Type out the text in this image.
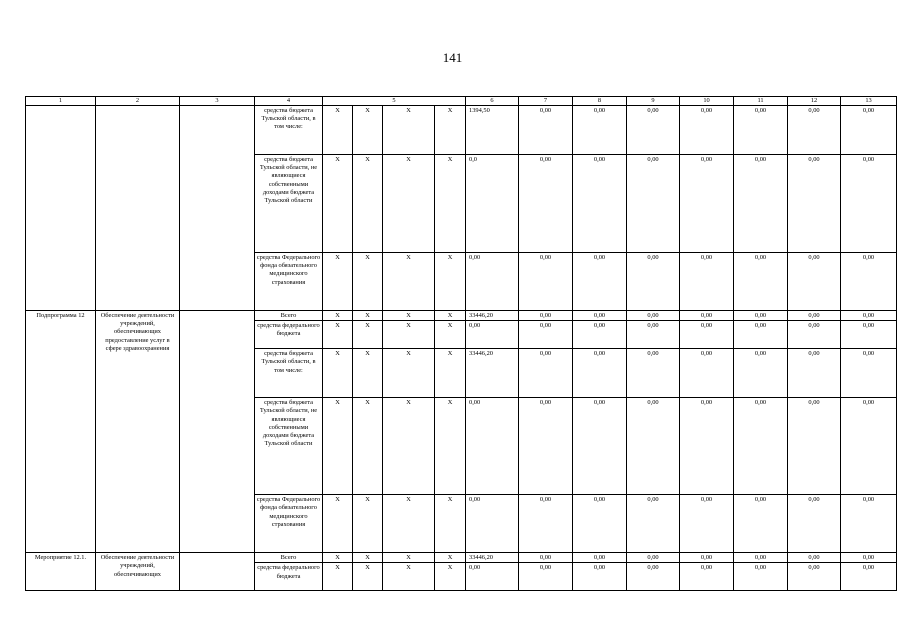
141
1	2	3	4	5				6	7	8	9	10	11	12	13
			средства бюджета Тульской области, в том числе:	X	X	X	X	1394,50	0,00	0,00	0,00	0,00	0,00	0,00	0,00
			средства бюджета Тульской области, не являющиеся собственными доходами бюджета Тульской области	X	X	X	X	0,0	0,00	0,00	0,00	0,00	0,00	0,00	0,00
			средства Федерального фонда обязательного медицинского страхования	X	X	X	X	0,00	0,00	0,00	0,00	0,00	0,00	0,00	0,00
Подпрограмма 12	Обеспечение деятельности учреждений, обеспечивающих предоставление услуг в сфере здравоохранения		Всего	X	X	X	X	33446,20	0,00	0,00	0,00	0,00	0,00	0,00	0,00
			средства федерального бюджета	X	X	X	X	0,00	0,00	0,00	0,00	0,00	0,00	0,00	0,00
			средства бюджета Тульской области, в том числе:	X	X	X	X	33446,20	0,00	0,00	0,00	0,00	0,00	0,00	0,00
			средства бюджета Тульской области, не являющиеся собственными доходами бюджета Тульской области	X	X	X	X	0,00	0,00	0,00	0,00	0,00	0,00	0,00	0,00
			средства Федерального фонда обязательного медицинского страхования	X	X	X	X	0,00	0,00	0,00	0,00	0,00	0,00	0,00	0,00
Мероприятие 12.1.	Обеспечение деятельности учреждений, обеспечивающих		Всего	X	X	X	X	33446,20	0,00	0,00	0,00	0,00	0,00	0,00	0,00
			средства федерального бюджета	X	X	X	X	0,00	0,00	0,00	0,00	0,00	0,00	0,00	0,00
